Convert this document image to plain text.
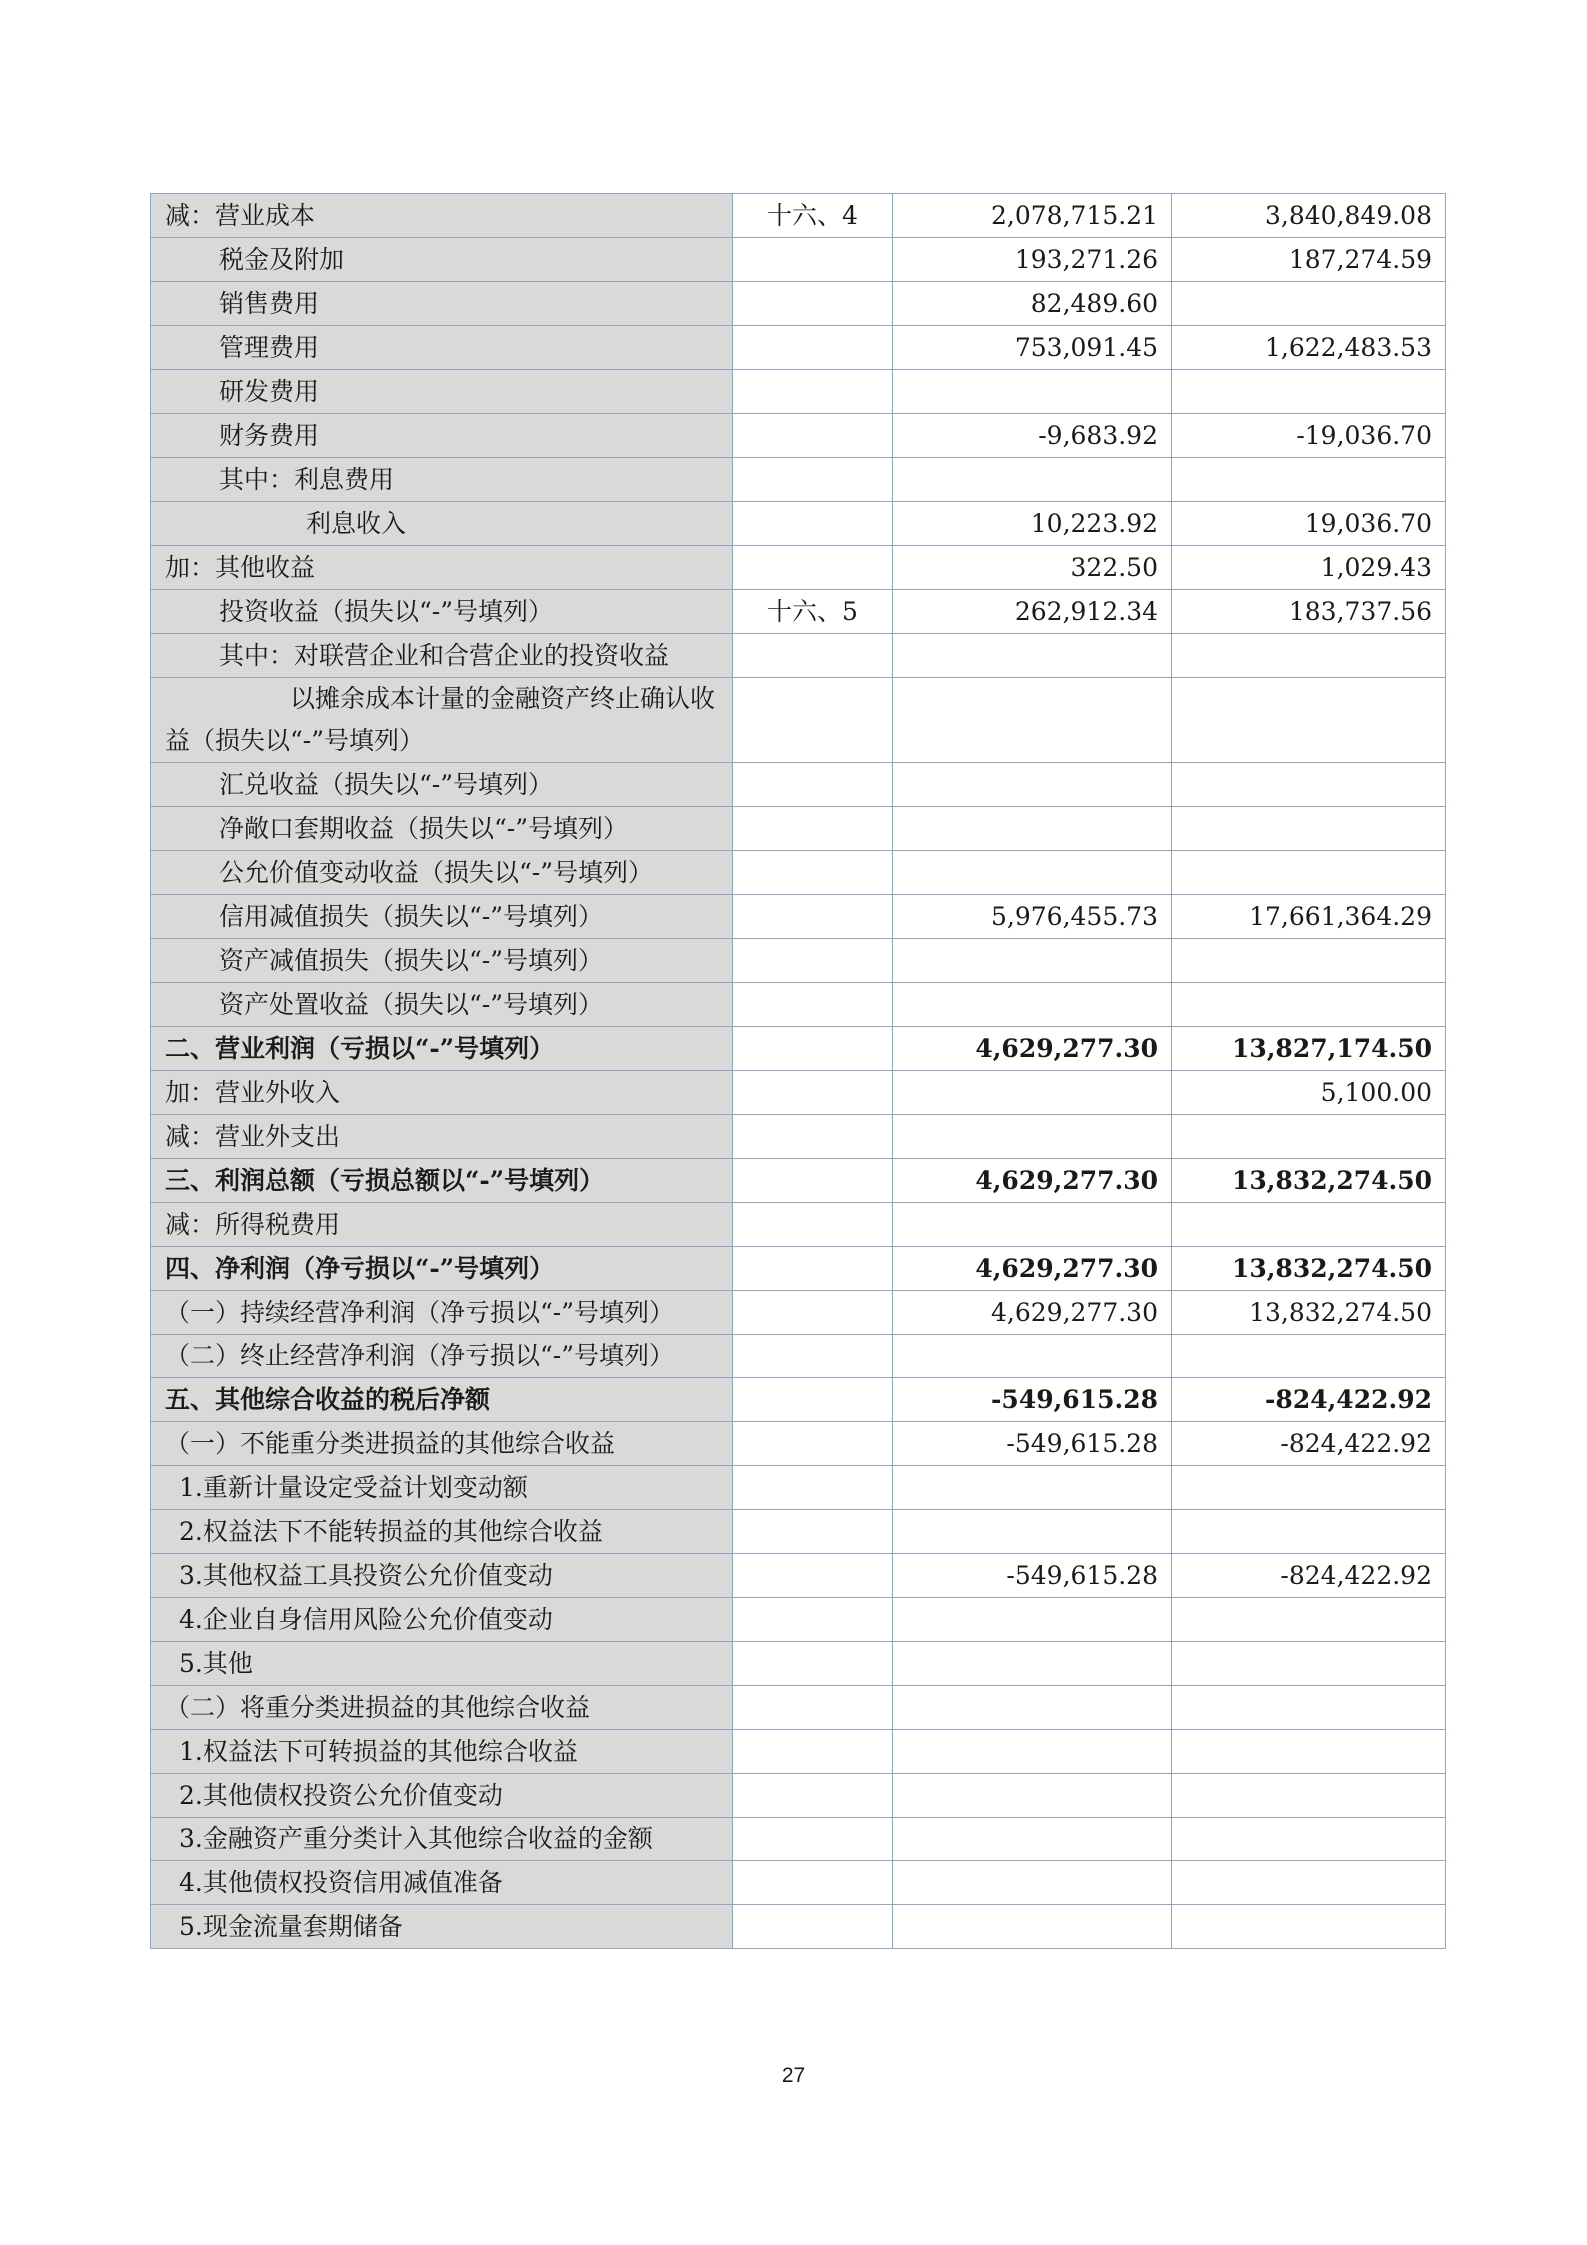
减：营业成本	十六、4	2,078,715.21	3,840,849.08
税金及附加		193,271.26	187,274.59
销售费用		82,489.60	
管理费用		753,091.45	1,622,483.53
研发费用			
财务费用		-9,683.92	-19,036.70
其中：利息费用			
利息收入		10,223.92	19,036.70
加：其他收益		322.50	1,029.43
投资收益（损失以“-”号填列）	十六、5	262,912.34	183,737.56
其中：对联营企业和合营企业的投资收益			
以摊余成本计量的金融资产终止确认收益（损失以“-”号填列）			
汇兑收益（损失以“-”号填列）			
净敞口套期收益（损失以“-”号填列）			
公允价值变动收益（损失以“-”号填列）			
信用减值损失（损失以“-”号填列）		5,976,455.73	17,661,364.29
资产减值损失（损失以“-”号填列）			
资产处置收益（损失以“-”号填列）			
二、营业利润（亏损以“-”号填列）		4,629,277.30	13,827,174.50
加：营业外收入			5,100.00
减：营业外支出			
三、利润总额（亏损总额以“-”号填列）		4,629,277.30	13,832,274.50
减：所得税费用			
四、净利润（净亏损以“-”号填列）		4,629,277.30	13,832,274.50
（一）持续经营净利润（净亏损以“-”号填列）		4,629,277.30	13,832,274.50
（二）终止经营净利润（净亏损以“-”号填列）			
五、其他综合收益的税后净额		-549,615.28	-824,422.92
（一）不能重分类进损益的其他综合收益		-549,615.28	-824,422.92
1.重新计量设定受益计划变动额			
2.权益法下不能转损益的其他综合收益			
3.其他权益工具投资公允价值变动		-549,615.28	-824,422.92
4.企业自身信用风险公允价值变动			
5.其他			
（二）将重分类进损益的其他综合收益			
1.权益法下可转损益的其他综合收益			
2.其他债权投资公允价值变动			
3.金融资产重分类计入其他综合收益的金额			
4.其他债权投资信用减值准备			
5.现金流量套期储备			
27
